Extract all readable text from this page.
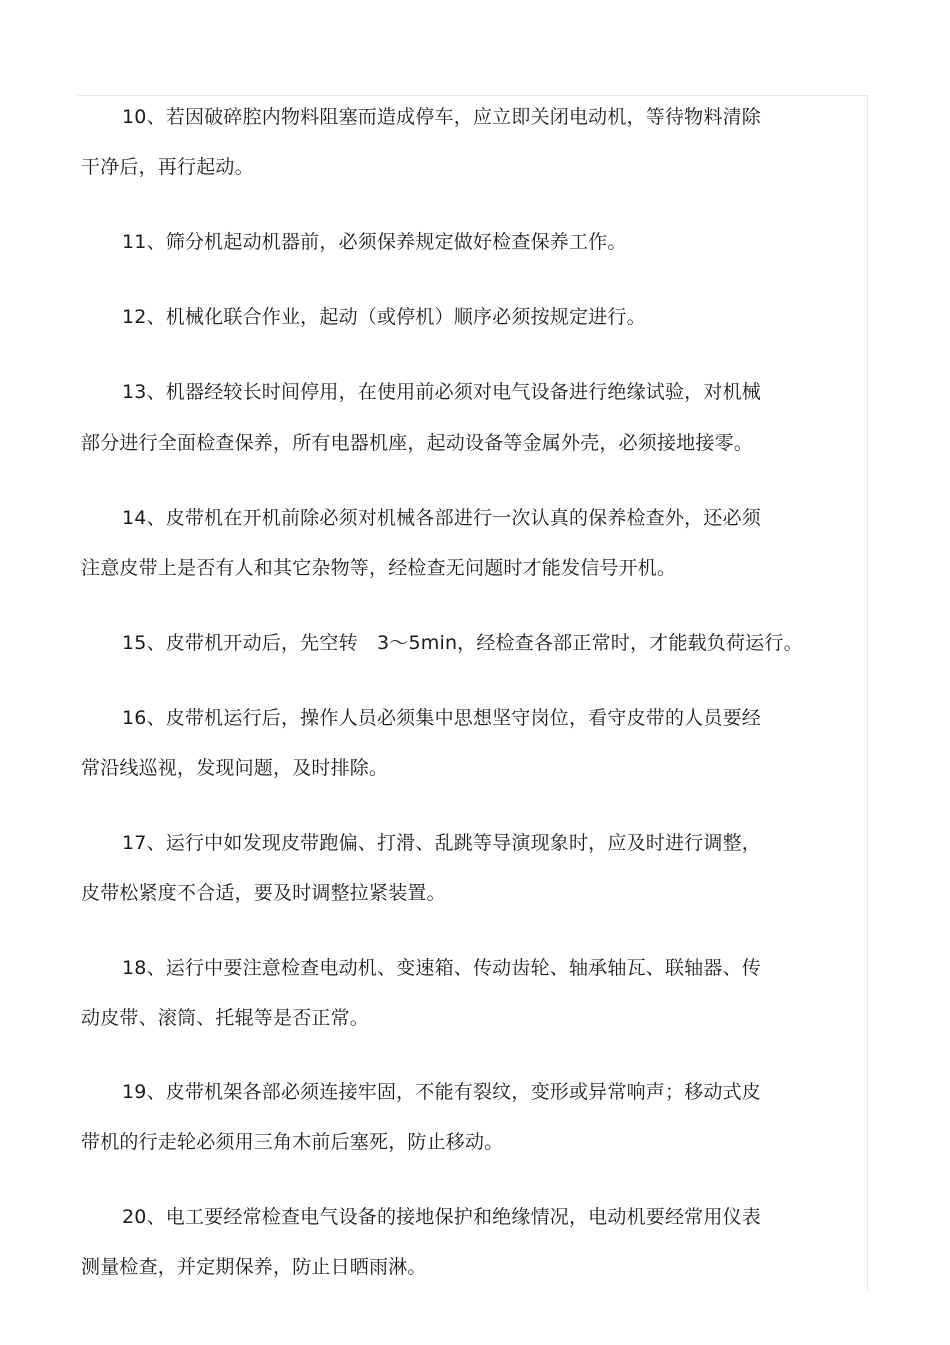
10、若因破碎腔内物料阻塞而造成停车，应立即关闭电动机，等待物料清除
干净后，再行起动。
11、筛分机起动机器前，必须保养规定做好检查保养工作。
12、机械化联合作业，起动（或停机）顺序必须按规定进行。
13、机器经较长时间停用，在使用前必须对电气设备进行绝缘试验，对机械
部分进行全面检查保养，所有电器机座，起动设备等金属外壳，必须接地接零。
14、皮带机在开机前除必须对机械各部进行一次认真的保养检查外，还必须
注意皮带上是否有人和其它杂物等，经检查无问题时才能发信号开机。
15、皮带机开动后，先空转　3～5min，经检查各部正常时，才能载负荷运行。
16、皮带机运行后，操作人员必须集中思想坚守岗位，看守皮带的人员要经
常沿线巡视，发现问题，及时排除。
17、运行中如发现皮带跑偏、打滑、乱跳等导演现象时，应及时进行调整，
皮带松紧度不合适，要及时调整拉紧装置。
18、运行中要注意检查电动机、变速箱、传动齿轮、轴承轴瓦、联轴器、传
动皮带、滚筒、托辊等是否正常。
19、皮带机架各部必须连接牢固，不能有裂纹，变形或异常响声；移动式皮
带机的行走轮必须用三角木前后塞死，防止移动。
20、电工要经常检查电气设备的接地保护和绝缘情况，电动机要经常用仪表
测量检查，并定期保养，防止日晒雨淋。
